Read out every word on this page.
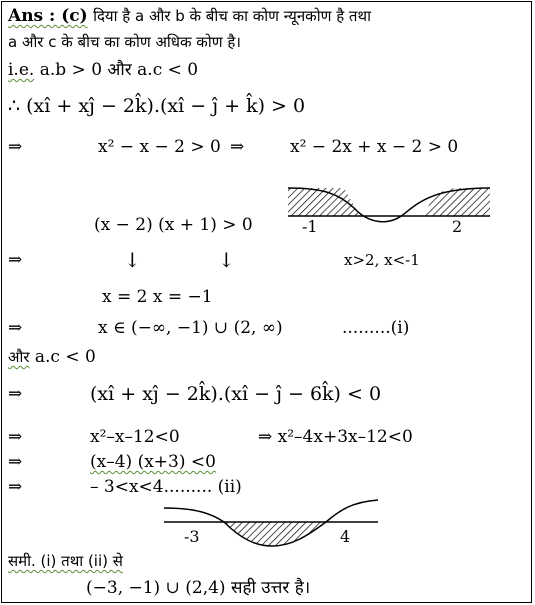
Ans : (c) दिया है a और b के बीच का कोण न्यूनकोण है तथा
a और c के बीच का कोण अधिक कोण है।
i.e. a.b > 0 और a.c < 0
∴ (xî + xĵ − 2k̂).(xî − ĵ + k̂) > 0
⇒	x² − x − 2 > 0 ⇒	x² − 2x + x − 2 > 0
-1	2
(x − 2) (x + 1) > 0
⇒	↓	↓	x>2, x<-1
x = 2 x = −1
⇒	x ∈ (−∞, −1) ∪ (2, ∞)	.........(i)
और a.c < 0
⇒	(xî + xĵ − 2k̂).(xî − ĵ − 6k̂) < 0
⇒	x²–x–12<0	⇒ x²–4x+3x–12<0
⇒	(x–4) (x+3) <0
⇒	– 3<x<4......... (ii)
-3	4
समी. (i) तथा (ii) से
(−3, −1) ∪ (2,4) सही उत्तर है।
